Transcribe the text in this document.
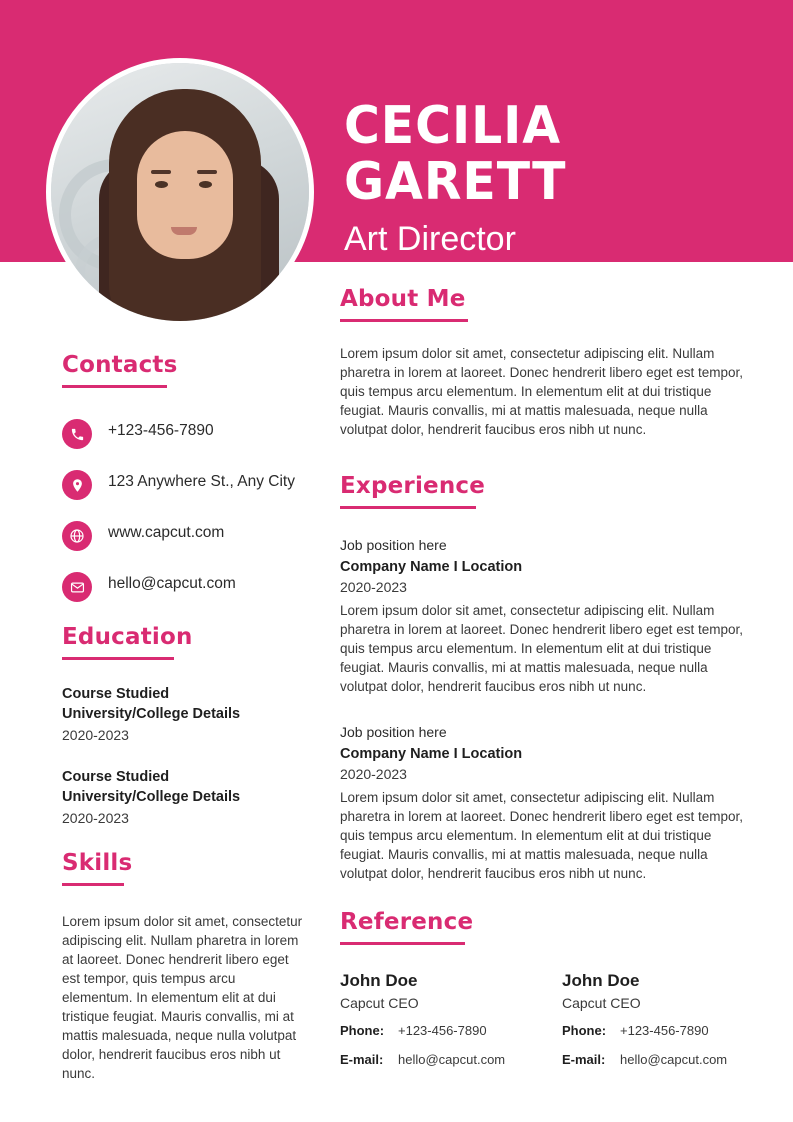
CECILIA GARETT

Art Director

Contacts
+123-456-7890
123 Anywhere St., Any City
www.capcut.com
hello@capcut.com
Education

Course Studied

University/College Details

2020-2023

Course Studied

University/College Details

2020-2023

Skills

Lorem ipsum dolor sit amet, consectetur adipiscing elit. Nullam pharetra in lorem at laoreet. Donec hendrerit libero eget est tempor, quis tempus arcu elementum. In elementum elit at dui tristique feugiat. Mauris convallis, mi at mattis malesuada, neque nulla volutpat dolor, hendrerit faucibus eros nibh ut nunc.

About Me

Lorem ipsum dolor sit amet, consectetur adipiscing elit. Nullam pharetra in lorem at laoreet. Donec hendrerit libero eget est tempor, quis tempus arcu elementum. In elementum elit at dui tristique feugiat. Mauris convallis, mi at mattis malesuada, neque nulla volutpat dolor, hendrerit faucibus eros nibh ut nunc.

Experience

Job position here

Company Name I Location

2020-2023

Lorem ipsum dolor sit amet, consectetur adipiscing elit. Nullam pharetra in lorem at laoreet. Donec hendrerit libero eget est tempor, quis tempus arcu elementum. In elementum elit at dui tristique feugiat. Mauris convallis, mi at mattis malesuada, neque nulla volutpat dolor, hendrerit faucibus eros nibh ut nunc.

Job position here

Company Name I Location

2020-2023

Lorem ipsum dolor sit amet, consectetur adipiscing elit. Nullam pharetra in lorem at laoreet. Donec hendrerit libero eget est tempor, quis tempus arcu elementum. In elementum elit at dui tristique feugiat. Mauris convallis, mi at mattis malesuada, neque nulla volutpat dolor, hendrerit faucibus eros nibh ut nunc.

Reference

John Doe

Capcut CEO

Phone:	+123-456-7890
E-mail:	hello@capcut.com

John Doe

Capcut CEO

Phone:	+123-456-7890
E-mail:	hello@capcut.com
